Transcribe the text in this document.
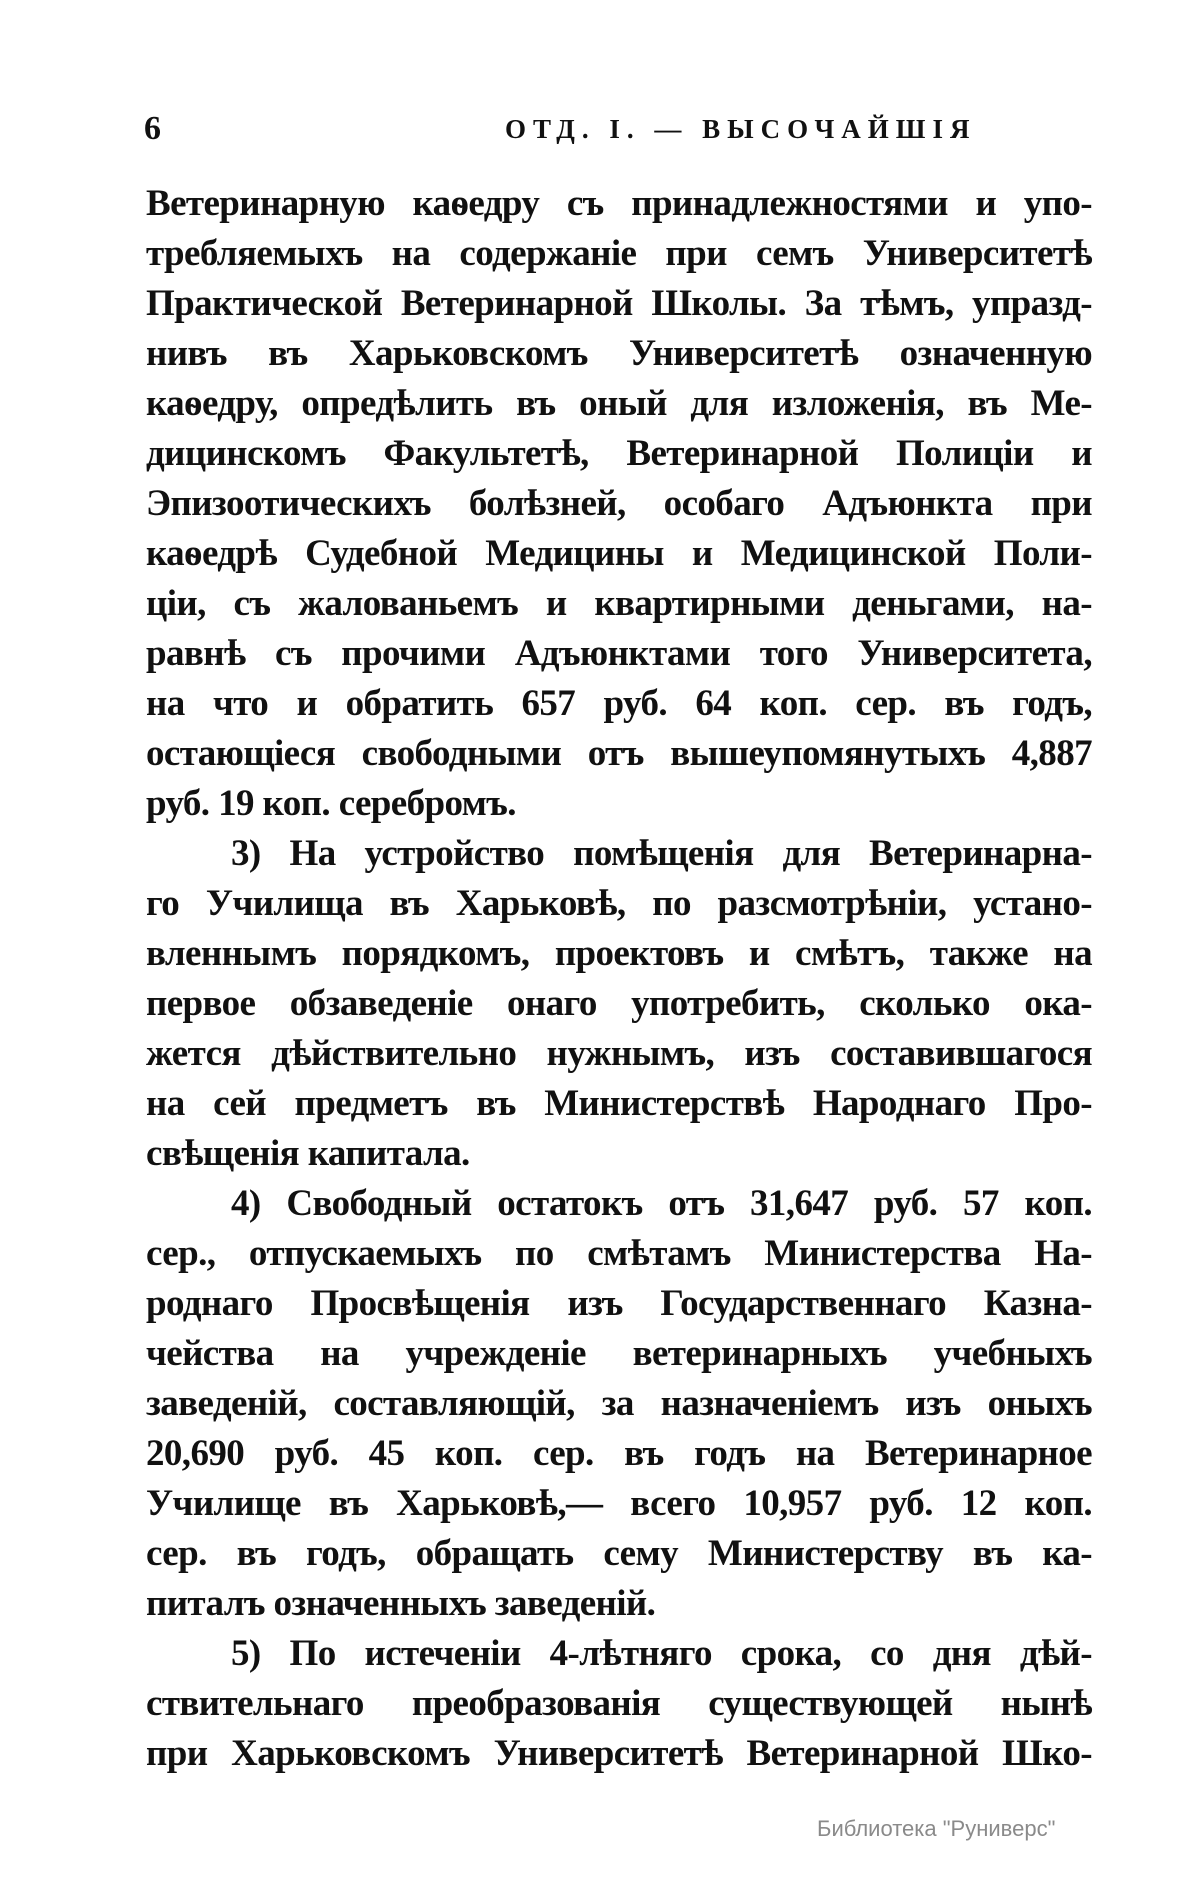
6	ОТД. I. — ВЫСОЧАЙШІЯ
Ветеринарную каѳедру съ принадлежностями и упо-
требляемыхъ на содержаніе при семъ Университетѣ
Практической Ветеринарной Школы. За тѣмъ, упразд-
нивъ въ Харьковскомъ Университетѣ означенную
каѳедру, опредѣлить въ оный для изложенія, въ Ме-
дицинскомъ Факультетѣ, Ветеринарной Полиціи и
Эпизоотическихъ болѣзней, особаго Адъюнкта при
каѳедрѣ Судебной Медицины и Медицинской Поли-
ціи, съ жалованьемъ и квартирными деньгами, на-
равнѣ съ прочими Адъюнктами того Университета,
на что и обратить 657 руб. 64 коп. сер. въ годъ,
остающіеся свободными отъ вышеупомянутыхъ 4,887
руб. 19 коп. серебромъ.
3) На устройство помѣщенія для Ветеринарна-
го Училища въ Харьковѣ, по разсмотрѣніи, устано-
вленнымъ порядкомъ, проектовъ и смѣтъ, также на
первое обзаведеніе онаго употребить, сколько ока-
жется дѣйствительно нужнымъ, изъ составившагося
на сей предметъ въ Министерствѣ Народнаго Про-
свѣщенія капитала.
4) Свободный остатокъ отъ 31,647 руб. 57 коп.
сер., отпускаемыхъ по смѣтамъ Министерства На-
роднаго Просвѣщенія изъ Государственнаго Казна-
чейства на учрежденіе ветеринарныхъ учебныхъ
заведеній, составляющій, за назначеніемъ изъ оныхъ
20,690 руб. 45 коп. сер. въ годъ на Ветеринарное
Училище въ Харьковѣ,— всего 10,957 руб. 12 коп.
сер. въ годъ, обращать сему Министерству въ ка-
питалъ означенныхъ заведеній.
5) По истеченіи 4-лѣтняго срока, со дня дѣй-
ствительнаго преобразованія существующей нынѣ
при Харьковскомъ Университетѣ Ветеринарной Шко-
Библиотека "Руниверс"
